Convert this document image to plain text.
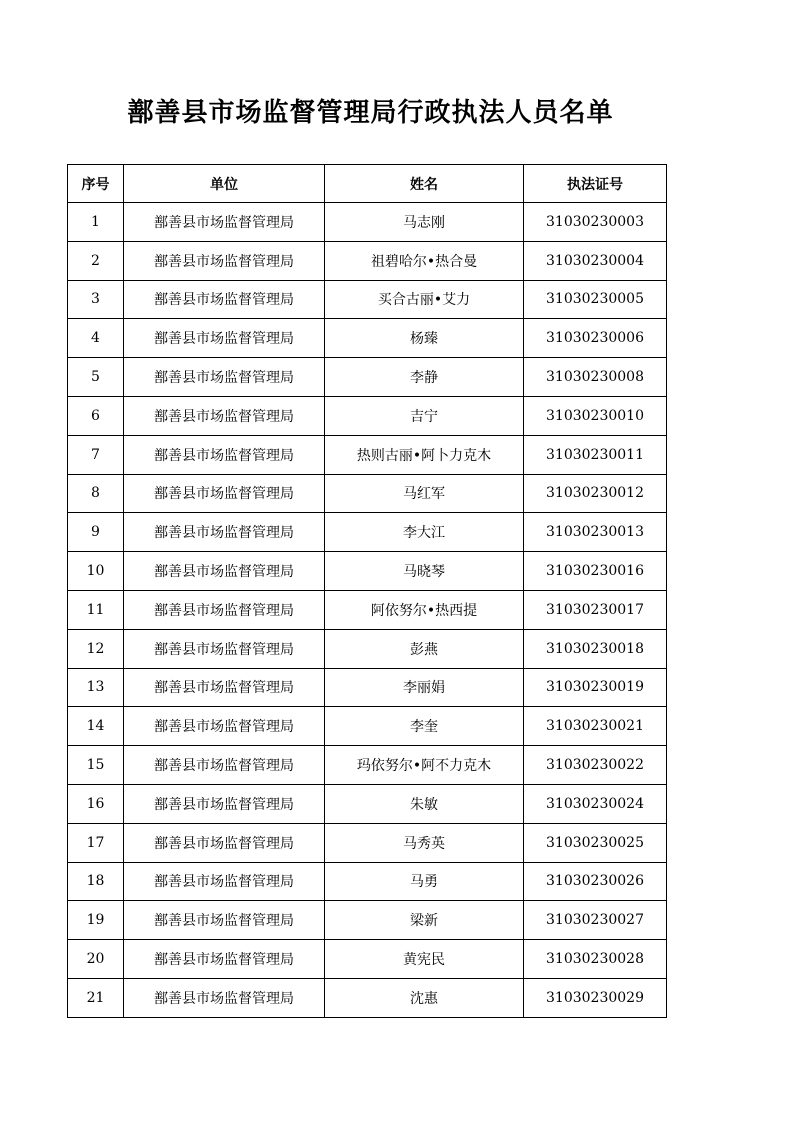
鄯善县市场监督管理局行政执法人员名单
序号	单位	姓名	执法证号
1	鄯善县市场监督管理局	马志刚	31030230003
2	鄯善县市场监督管理局	祖碧哈尔•热合曼	31030230004
3	鄯善县市场监督管理局	买合古丽•艾力	31030230005
4	鄯善县市场监督管理局	杨臻	31030230006
5	鄯善县市场监督管理局	李静	31030230008
6	鄯善县市场监督管理局	吉宁	31030230010
7	鄯善县市场监督管理局	热则古丽•阿卜力克木	31030230011
8	鄯善县市场监督管理局	马红军	31030230012
9	鄯善县市场监督管理局	李大江	31030230013
10	鄯善县市场监督管理局	马晓琴	31030230016
11	鄯善县市场监督管理局	阿依努尔•热西提	31030230017
12	鄯善县市场监督管理局	彭燕	31030230018
13	鄯善县市场监督管理局	李丽娟	31030230019
14	鄯善县市场监督管理局	李奎	31030230021
15	鄯善县市场监督管理局	玛依努尔•阿不力克木	31030230022
16	鄯善县市场监督管理局	朱敏	31030230024
17	鄯善县市场监督管理局	马秀英	31030230025
18	鄯善县市场监督管理局	马勇	31030230026
19	鄯善县市场监督管理局	梁新	31030230027
20	鄯善县市场监督管理局	黄宪民	31030230028
21	鄯善县市场监督管理局	沈惠	31030230029
